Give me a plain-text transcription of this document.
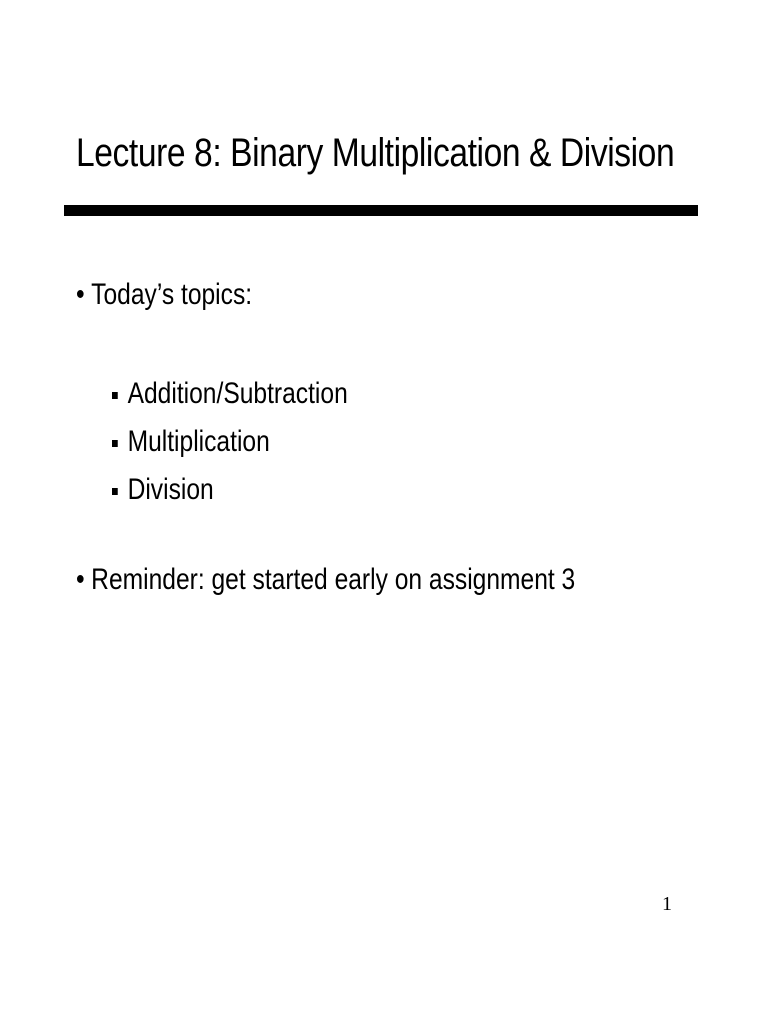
Lecture 8: Binary Multiplication & Division
• Today’s topics:
Addition/Subtraction
Multiplication
Division
• Reminder: get started early on assignment 3
1
